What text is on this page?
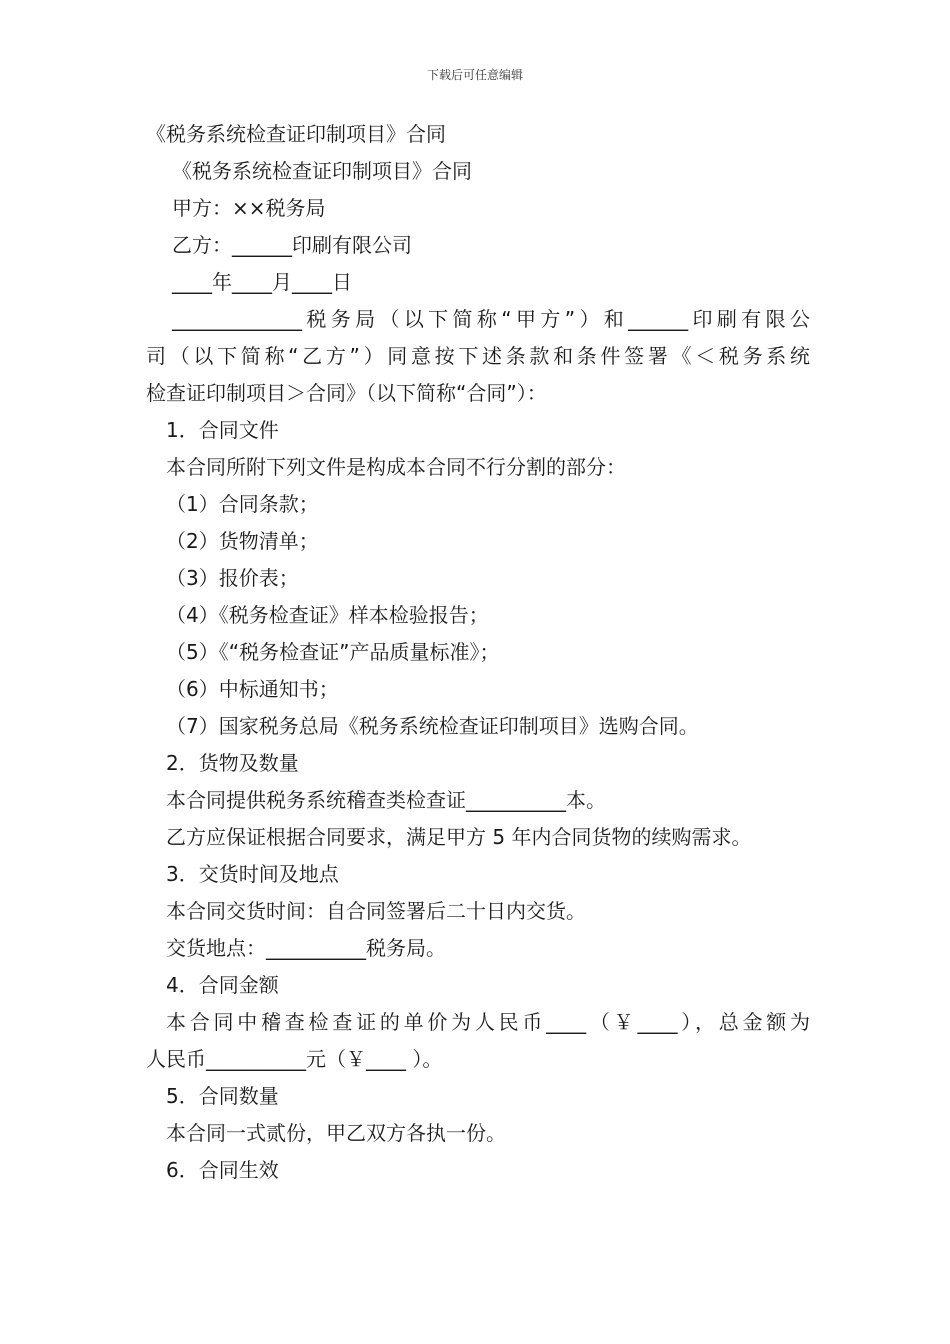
下载后可任意编辑
《税务系统检查证印制项目》合同
《税务系统检查证印制项目》合同
甲方：××税务局
乙方：______印刷有限公司
____年____月____日
_____________税务局（以下简称“甲方”）和______印刷有限公
司（以下简称“乙方”）同意按下述条款和条件签署《＜税务系统
检查证印制项目＞合同》（以下简称“合同”）：
1．合同文件
本合同所附下列文件是构成本合同不行分割的部分：
（1）合同条款；
（2）货物清单；
（3）报价表；
（4）《税务检查证》样本检验报告；
（5）《“税务检查证”产品质量标准》；
（6）中标通知书；
（7）国家税务总局《税务系统检查证印制项目》选购合同。
2．货物及数量
本合同提供税务系统稽查类检查证__________本。
乙方应保证根据合同要求，满足甲方 5 年内合同货物的续购需求。
3．交货时间及地点
本合同交货时间：自合同签署后二十日内交货。
交货地点：__________税务局。
4．合同金额
本合同中稽查检查证的单价为人民币____（￥____），总金额为
人民币__________元（￥____ ）。
5．合同数量
本合同一式贰份，甲乙双方各执一份。
6．合同生效
